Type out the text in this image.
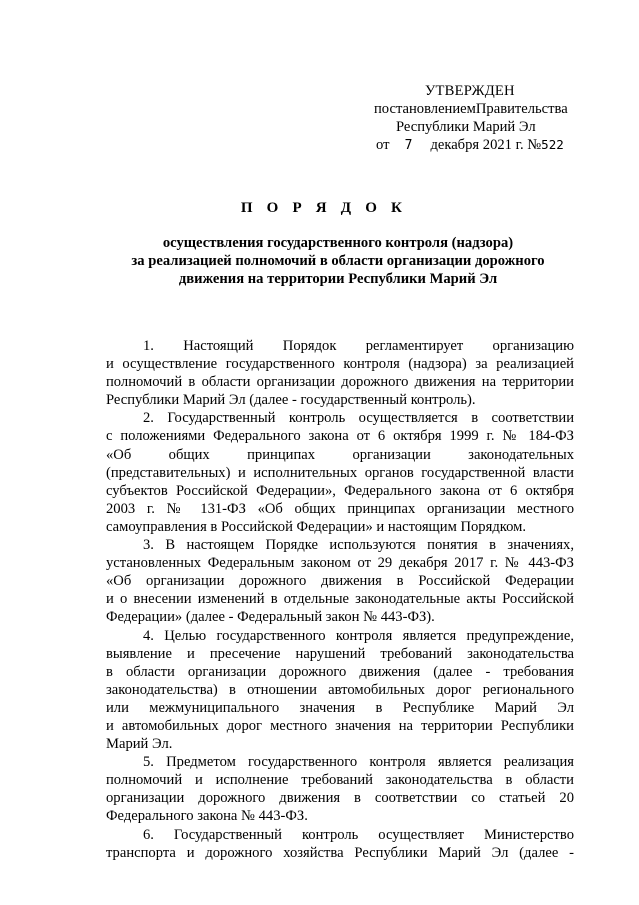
УТВЕРЖДЕН
постановлениемПравительства
Республики Марий Эл
от 7 декабря 2021 г. №522
П О Р Я Д О К
осуществления государственного контроля (надзора)
за реализацией полномочий в области организации дорожного
движения на территории Республики Марий Эл
1. Настоящий Порядок регламентирует организацию
и осуществление государственного контроля (надзора) за реализацией
полномочий в области организации дорожного движения на территории
Республики Марий Эл (далее - государственный контроль).
2. Государственный контроль осуществляется в соответствии
с положениями Федерального закона от 6 октября 1999 г. № 184-ФЗ
«Об общих принципах организации законодательных
(представительных) и исполнительных органов государственной власти
субъектов Российской Федерации», Федерального закона от 6 октября
2003 г. № 131-ФЗ «Об общих принципах организации местного
самоуправления в Российской Федерации» и настоящим Порядком.
3. В настоящем Порядке используются понятия в значениях,
установленных Федеральным законом от 29 декабря 2017 г. № 443-ФЗ
«Об организации дорожного движения в Российской Федерации
и о внесении изменений в отдельные законодательные акты Российской
Федерации» (далее - Федеральный закон № 443-ФЗ).
4. Целью государственного контроля является предупреждение,
выявление и пресечение нарушений требований законодательства
в области организации дорожного движения (далее - требования
законодательства) в отношении автомобильных дорог регионального
или межмуниципального значения в Республике Марий Эл
и автомобильных дорог местного значения на территории Республики
Марий Эл.
5. Предметом государственного контроля является реализация
полномочий и исполнение требований законодательства в области
организации дорожного движения в соответствии со статьей 20
Федерального закона № 443-ФЗ.
6. Государственный контроль осуществляет Министерство
транспорта и дорожного хозяйства Республики Марий Эл (далее -
